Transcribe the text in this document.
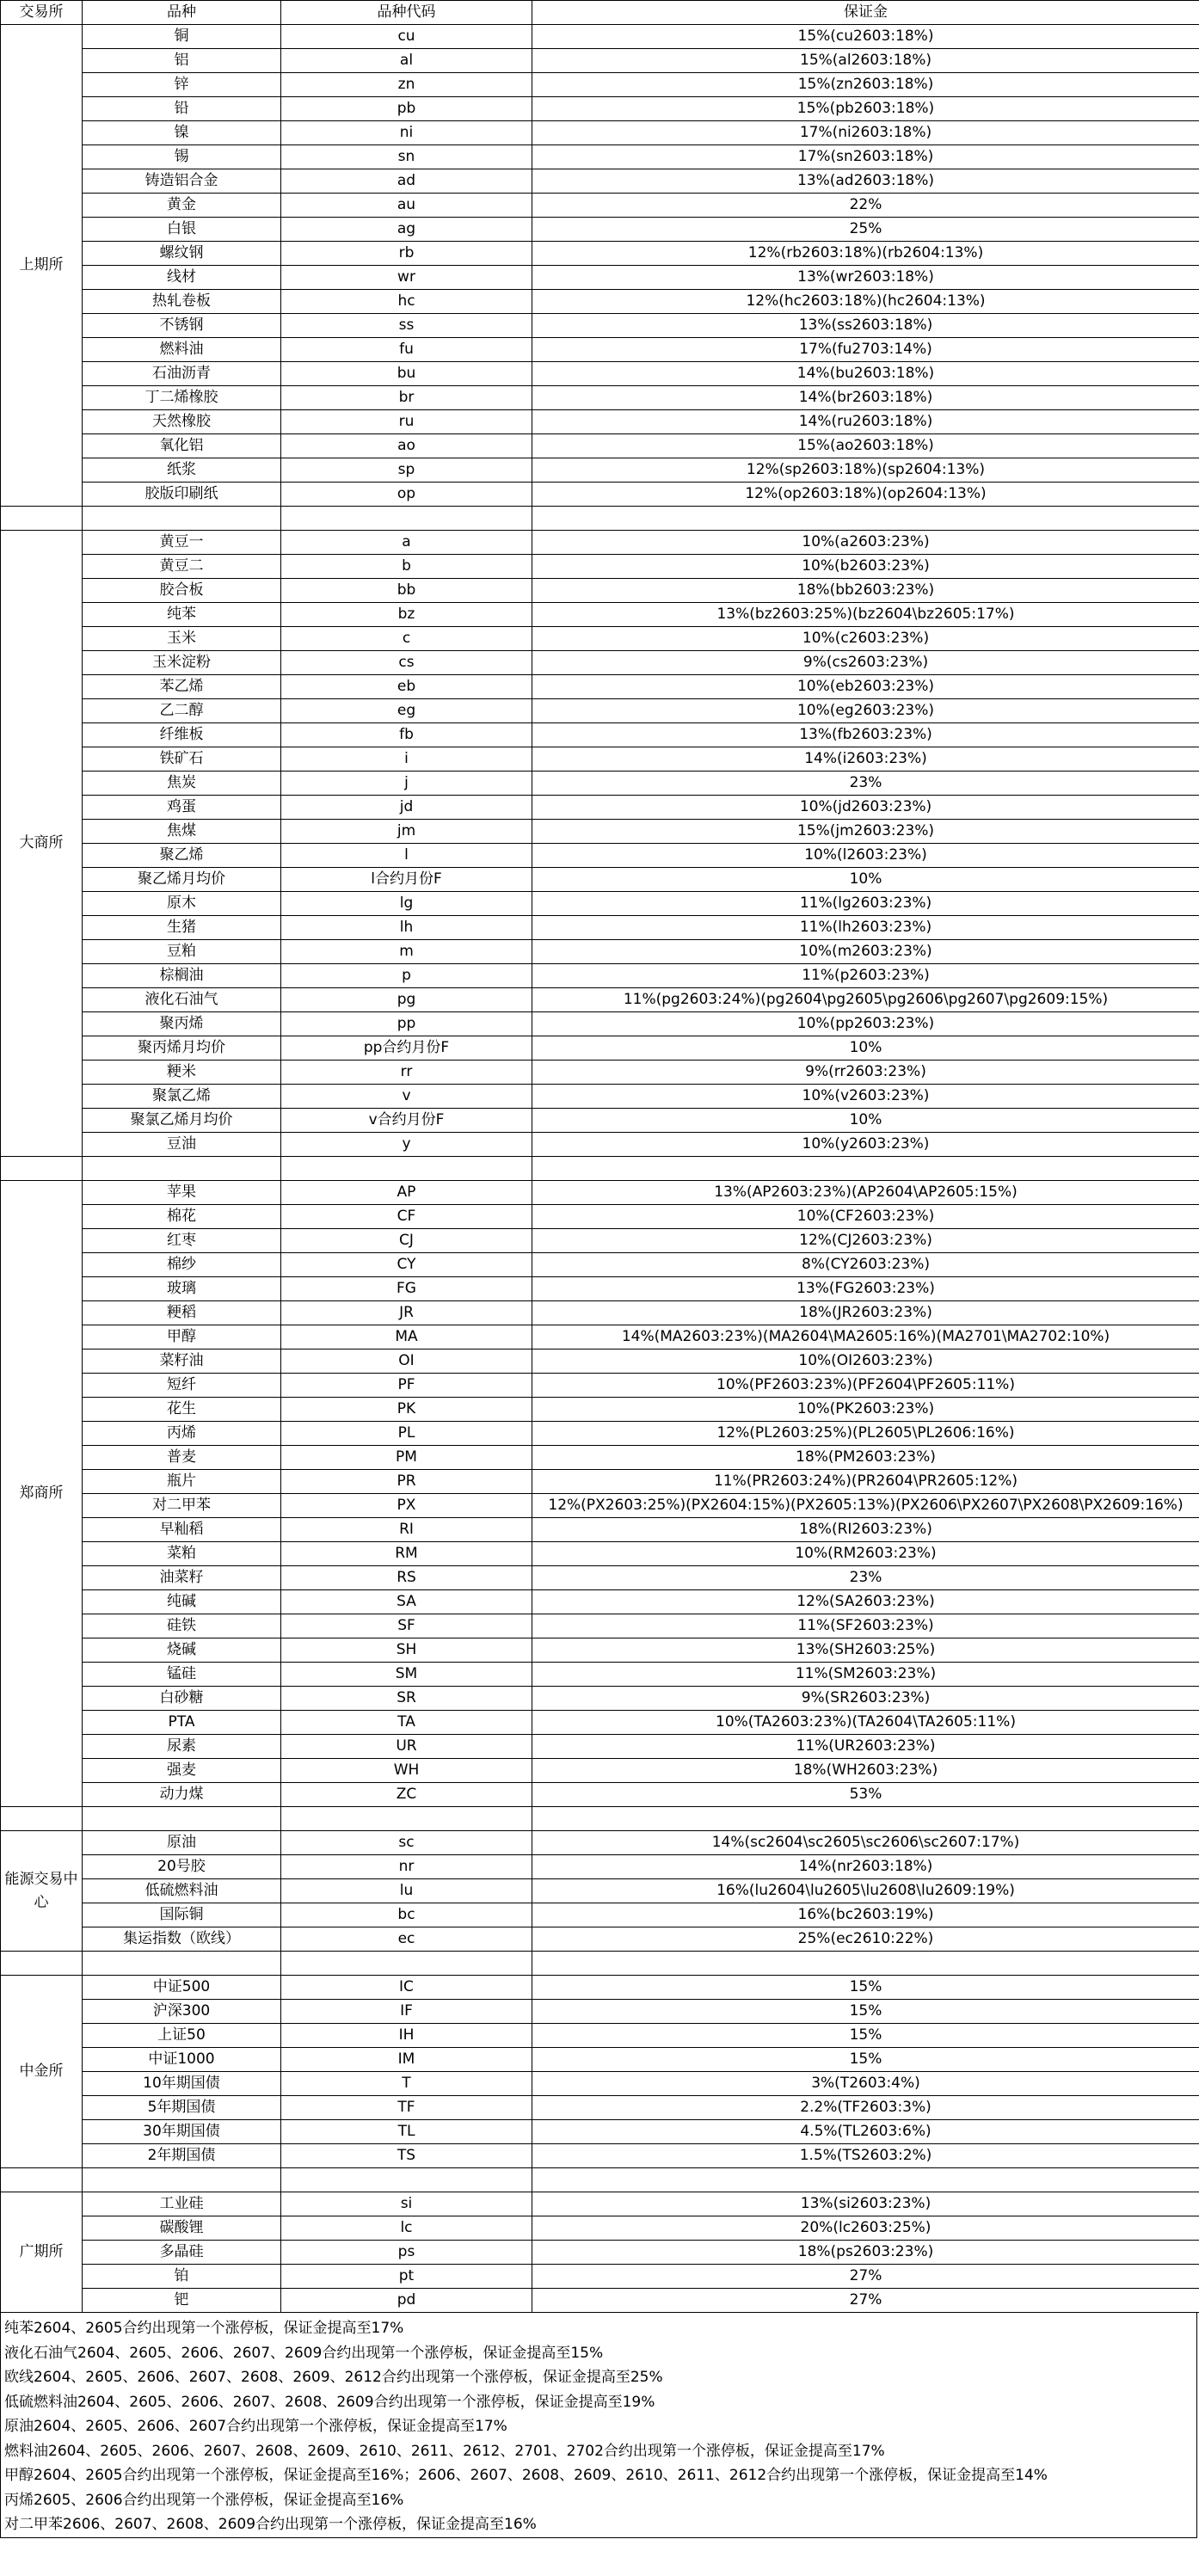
交易所	品种	品种代码	保证金
上期所	铜	cu	15%(cu2603:18%)
	铝	al	15%(al2603:18%)
	锌	zn	15%(zn2603:18%)
	铅	pb	15%(pb2603:18%)
	镍	ni	17%(ni2603:18%)
	锡	sn	17%(sn2603:18%)
	铸造铝合金	ad	13%(ad2603:18%)
	黄金	au	22%
	白银	ag	25%
	螺纹钢	rb	12%(rb2603:18%)(rb2604:13%)
	线材	wr	13%(wr2603:18%)
	热轧卷板	hc	12%(hc2603:18%)(hc2604:13%)
	不锈钢	ss	13%(ss2603:18%)
	燃料油	fu	17%(fu2703:14%)
	石油沥青	bu	14%(bu2603:18%)
	丁二烯橡胶	br	14%(br2603:18%)
	天然橡胶	ru	14%(ru2603:18%)
	氧化铝	ao	15%(ao2603:18%)
	纸浆	sp	12%(sp2603:18%)(sp2604:13%)
	胶版印刷纸	op	12%(op2603:18%)(op2604:13%)

大商所	黄豆一	a	10%(a2603:23%)
	黄豆二	b	10%(b2603:23%)
	胶合板	bb	18%(bb2603:23%)
	纯苯	bz	13%(bz2603:25%)(bz2604\bz2605:17%)
	玉米	c	10%(c2603:23%)
	玉米淀粉	cs	9%(cs2603:23%)
	苯乙烯	eb	10%(eb2603:23%)
	乙二醇	eg	10%(eg2603:23%)
	纤维板	fb	13%(fb2603:23%)
	铁矿石	i	14%(i2603:23%)
	焦炭	j	23%
	鸡蛋	jd	10%(jd2603:23%)
	焦煤	jm	15%(jm2603:23%)
	聚乙烯	l	10%(l2603:23%)
	聚乙烯月均价	l合约月份F	10%
	原木	lg	11%(lg2603:23%)
	生猪	lh	11%(lh2603:23%)
	豆粕	m	10%(m2603:23%)
	棕榈油	p	11%(p2603:23%)
	液化石油气	pg	11%(pg2603:24%)(pg2604\pg2605\pg2606\pg2607\pg2609:15%)
	聚丙烯	pp	10%(pp2603:23%)
	聚丙烯月均价	pp合约月份F	10%
	粳米	rr	9%(rr2603:23%)
	聚氯乙烯	v	10%(v2603:23%)
	聚氯乙烯月均价	v合约月份F	10%
	豆油	y	10%(y2603:23%)

郑商所	苹果	AP	13%(AP2603:23%)(AP2604\AP2605:15%)
	棉花	CF	10%(CF2603:23%)
	红枣	CJ	12%(CJ2603:23%)
	棉纱	CY	8%(CY2603:23%)
	玻璃	FG	13%(FG2603:23%)
	粳稻	JR	18%(JR2603:23%)
	甲醇	MA	14%(MA2603:23%)(MA2604\MA2605:16%)(MA2701\MA2702:10%)
	菜籽油	OI	10%(OI2603:23%)
	短纤	PF	10%(PF2603:23%)(PF2604\PF2605:11%)
	花生	PK	10%(PK2603:23%)
	丙烯	PL	12%(PL2603:25%)(PL2605\PL2606:16%)
	普麦	PM	18%(PM2603:23%)
	瓶片	PR	11%(PR2603:24%)(PR2604\PR2605:12%)
	对二甲苯	PX	12%(PX2603:25%)(PX2604:15%)(PX2605:13%)(PX2606\PX2607\PX2608\PX2609:16%)
	早籼稻	RI	18%(RI2603:23%)
	菜粕	RM	10%(RM2603:23%)
	油菜籽	RS	23%
	纯碱	SA	12%(SA2603:23%)
	硅铁	SF	11%(SF2603:23%)
	烧碱	SH	13%(SH2603:25%)
	锰硅	SM	11%(SM2603:23%)
	白砂糖	SR	9%(SR2603:23%)
	PTA	TA	10%(TA2603:23%)(TA2604\TA2605:11%)
	尿素	UR	11%(UR2603:23%)
	强麦	WH	18%(WH2603:23%)
	动力煤	ZC	53%

能源交易中心	原油	sc	14%(sc2604\sc2605\sc2606\sc2607:17%)
	20号胶	nr	14%(nr2603:18%)
	低硫燃料油	lu	16%(lu2604\lu2605\lu2608\lu2609:19%)
	国际铜	bc	16%(bc2603:19%)
	集运指数（欧线）	ec	25%(ec2610:22%)

中金所	中证500	IC	15%
	沪深300	IF	15%
	上证50	IH	15%
	中证1000	IM	15%
	10年期国债	T	3%(T2603:4%)
	5年期国债	TF	2.2%(TF2603:3%)
	30年期国债	TL	4.5%(TL2603:6%)
	2年期国债	TS	1.5%(TS2603:2%)

广期所	工业硅	si	13%(si2603:23%)
	碳酸锂	lc	20%(lc2603:25%)
	多晶硅	ps	18%(ps2603:23%)
	铂	pt	27%
	钯	pd	27%
纯苯2604、2605合约出现第一个涨停板，保证金提高至17%
液化石油气2604、2605、2606、2607、2609合约出现第一个涨停板，保证金提高至15%
欧线2604、2605、2606、2607、2608、2609、2612合约出现第一个涨停板，保证金提高至25%
低硫燃料油2604、2605、2606、2607、2608、2609合约出现第一个涨停板，保证金提高至19%
原油2604、2605、2606、2607合约出现第一个涨停板，保证金提高至17%
燃料油2604、2605、2606、2607、2608、2609、2610、2611、2612、2701、2702合约出现第一个涨停板，保证金提高至17%
甲醇2604、2605合约出现第一个涨停板，保证金提高至16%；2606、2607、2608、2609、2610、2611、2612合约出现第一个涨停板，保证金提高至14%
丙烯2605、2606合约出现第一个涨停板，保证金提高至16%
对二甲苯2606、2607、2608、2609合约出现第一个涨停板，保证金提高至16%
